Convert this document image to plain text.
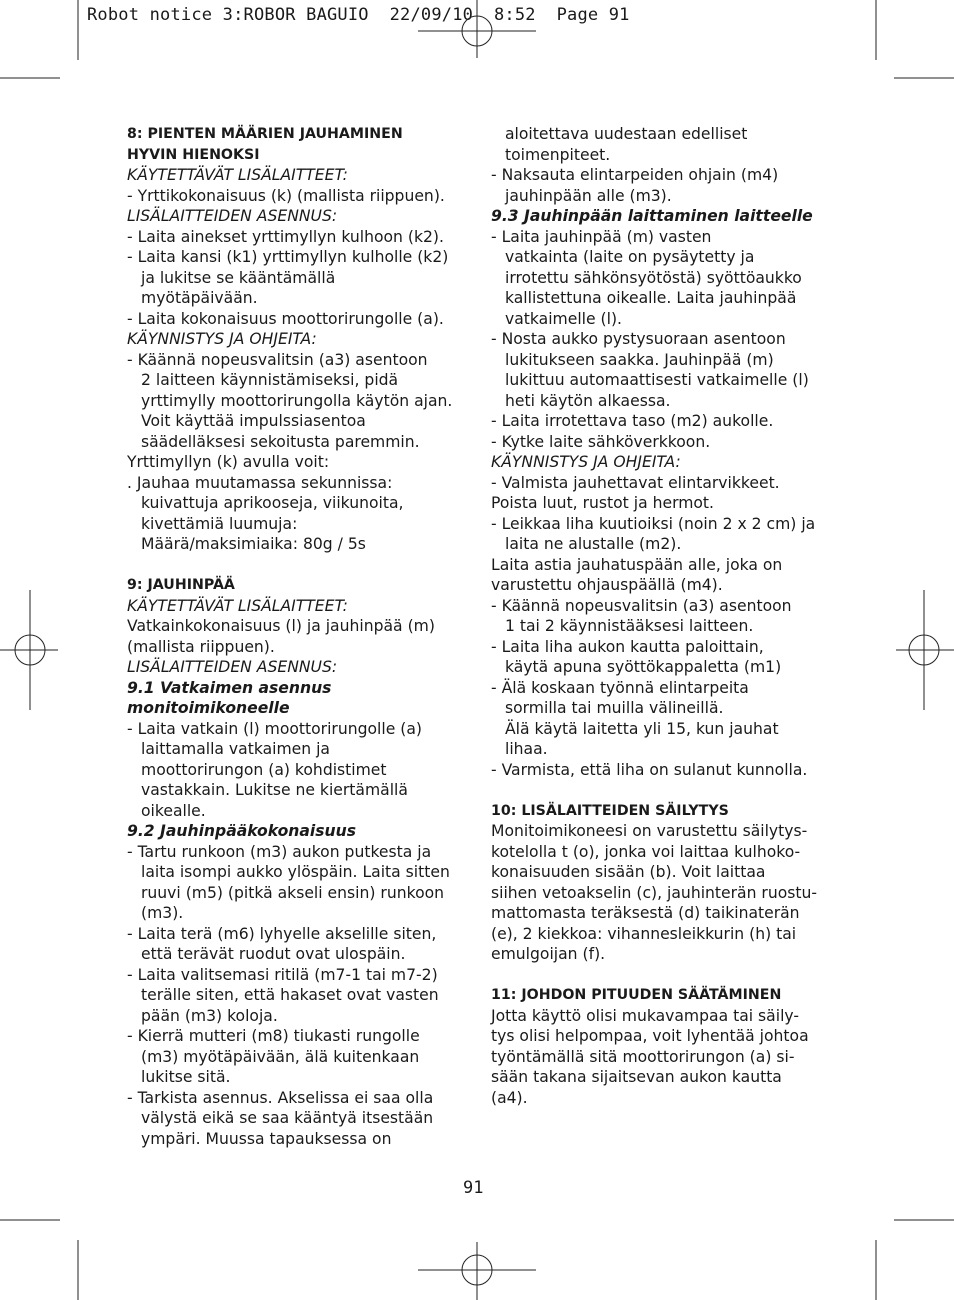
Robot notice 3:ROBOR BAGUIO  22/09/10  8:52  Page 91
8: PIENTEN MÄÄRIEN JAUHAMINEN
HYVIN HIENOKSI
KÄYTETTÄVÄT LISÄLAITTEET:
- Yrttikokonaisuus (k) (mallista riippuen).
LISÄLAITTEIDEN ASENNUS:
- Laita ainekset yrttimyllyn kulhoon (k2).
- Laita kansi (k1) yrttimyllyn kulholle (k2)
ja lukitse se kääntämällä
myötäpäivään.
- Laita kokonaisuus moottorirungolle (a).
KÄYNNISTYS JA OHJEITA:
- Käännä nopeusvalitsin (a3) asentoon
2 laitteen käynnistämiseksi, pidä
yrttimylly moottorirungolla käytön ajan.
Voit käyttää impulssiasentoa
säädelläksesi sekoitusta paremmin.
Yrttimyllyn (k) avulla voit:
. Jauhaa muutamassa sekunnissa:
kuivattuja aprikooseja, viikunoita,
kivettämiä luumuja:
Määrä/maksimiaika: 80g / 5s
9: JAUHINPÄÄ
KÄYTETTÄVÄT LISÄLAITTEET:
Vatkainkokonaisuus (l) ja jauhinpää (m)
(mallista riippuen).
LISÄLAITTEIDEN ASENNUS:
9.1 Vatkaimen asennus
monitoimikoneelle
- Laita vatkain (l) moottorirungolle (a)
laittamalla vatkaimen ja
moottorirungon (a) kohdistimet
vastakkain. Lukitse ne kiertämällä
oikealle.
9.2 Jauhinpääkokonaisuus
- Tartu runkoon (m3) aukon putkesta ja
laita isompi aukko ylöspäin. Laita sitten
ruuvi (m5) (pitkä akseli ensin) runkoon
(m3).
- Laita terä (m6) lyhyelle akselille siten,
että terävät ruodut ovat ulospäin.
- Laita valitsemasi ritilä (m7-1 tai m7-2)
terälle siten, että hakaset ovat vasten
pään (m3) koloja.
- Kierrä mutteri (m8) tiukasti rungolle
(m3) myötäpäivään, älä kuitenkaan
lukitse sitä.
- Tarkista asennus. Akselissa ei saa olla
välystä eikä se saa kääntyä itsestään
ympäri. Muussa tapauksessa on
aloitettava uudestaan edelliset
toimenpiteet.
- Naksauta elintarpeiden ohjain (m4)
jauhinpään alle (m3).
9.3 Jauhinpään laittaminen laitteelle
- Laita jauhinpää (m) vasten
vatkainta (laite on pysäytetty ja
irrotettu sähkönsyötöstä) syöttöaukko
kallistettuna oikealle. Laita jauhinpää
vatkaimelle (l).
- Nosta aukko pystysuoraan asentoon
lukitukseen saakka. Jauhinpää (m)
lukittuu automaattisesti vatkaimelle (l)
heti käytön alkaessa.
- Laita irrotettava taso (m2) aukolle.
- Kytke laite sähköverkkoon.
KÄYNNISTYS JA OHJEITA:
- Valmista jauhettavat elintarvikkeet.
Poista luut, rustot ja hermot.
- Leikkaa liha kuutioiksi (noin 2 x 2 cm) ja
laita ne alustalle (m2).
Laita astia jauhatuspään alle, joka on
varustettu ohjauspäällä (m4).
- Käännä nopeusvalitsin (a3) asentoon
1 tai 2 käynnistääksesi laitteen.
- Laita liha aukon kautta paloittain,
käytä apuna syöttökappaletta (m1)
- Älä koskaan työnnä elintarpeita
sormilla tai muilla välineillä.
Älä käytä laitetta yli 15, kun jauhat
lihaa.
- Varmista, että liha on sulanut kunnolla.
10: LISÄLAITTEIDEN SÄILYTYS
Monitoimikoneesi on varustettu säilytys-
kotelolla t (o), jonka voi laittaa kulhoko-
konaisuuden sisään (b). Voit laittaa
siihen vetoakselin (c), jauhinterän ruostu-
mattomasta teräksestä (d) taikinaterän
(e), 2 kiekkoa: vihannesleikkurin (h) tai
emulgoijan (f).
11: JOHDON PITUUDEN SÄÄTÄMINEN
Jotta käyttö olisi mukavampaa tai säily-
tys olisi helpompaa, voit lyhentää johtoa
työntämällä sitä moottorirungon (a) si-
sään takana sijaitsevan aukon kautta
(a4).
91
